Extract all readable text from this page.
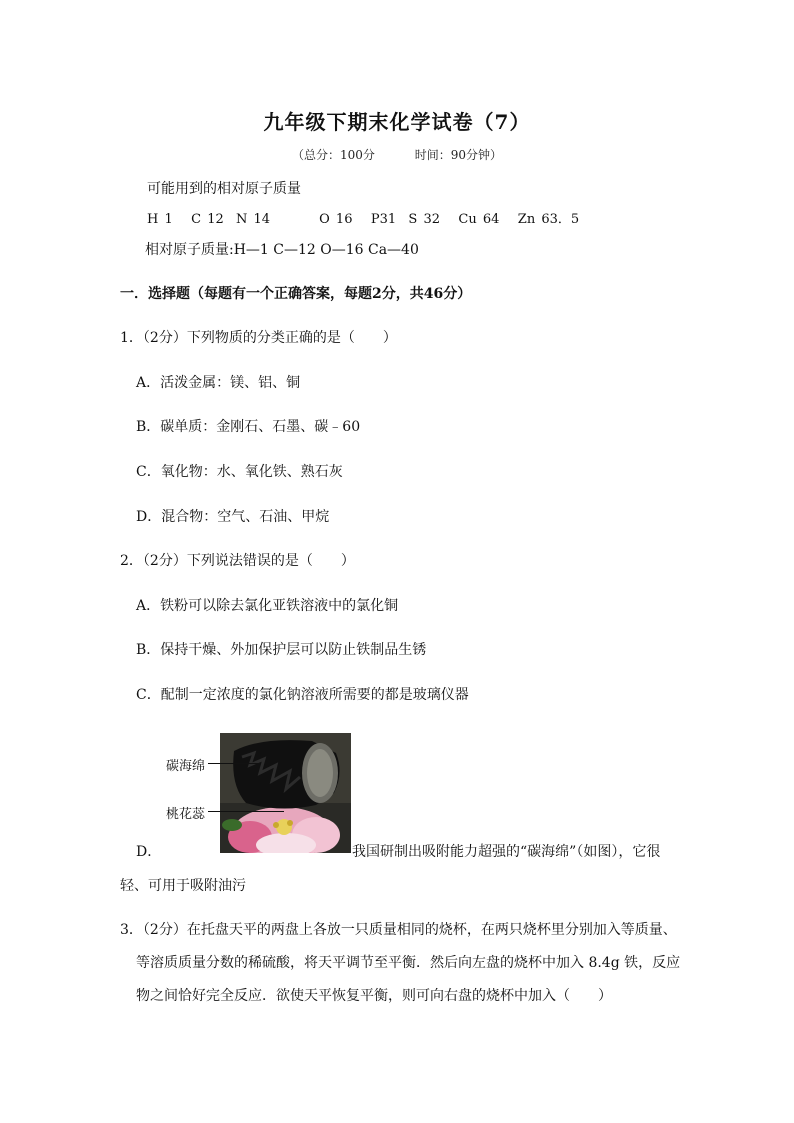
九年级下期末化学试卷（7）
（总分：100分	时间：90分钟）
可能用到的相对原子质量
H 1   C 12  N 14        O 16   P31  S 32   Cu 64   Zn 63．5
相对原子质量:H—1 C—12 O—16 Ca—40
一．选择题（每题有一个正确答案，每题2分，共46分）
1．（2分）下列物质的分类正确的是（　　）
A．活泼金属：镁、铝、铜
B．碳单质：金刚石、石墨、碳﹣60
C．氧化物：水、氧化铁、熟石灰
D．混合物：空气、石油、甲烷
2．（2分）下列说法错误的是（　　）
A．铁粉可以除去氯化亚铁溶液中的氯化铜
B．保持干燥、外加保护层可以防止铁制品生锈
C．配制一定浓度的氯化钠溶液所需要的都是玻璃仪器
碳海绵
桃花蕊
D．	我国研制出吸附能力超强的“碳海绵”（如图），它很
轻、可用于吸附油污
3．（2分）在托盘天平的两盘上各放一只质量相同的烧杯，在两只烧杯里分别加入等质量、
等溶质质量分数的稀硫酸，将天平调节至平衡．然后向左盘的烧杯中加入 8.4g 铁，反应
物之间恰好完全反应．欲使天平恢复平衡，则可向右盘的烧杯中加入（　　）
